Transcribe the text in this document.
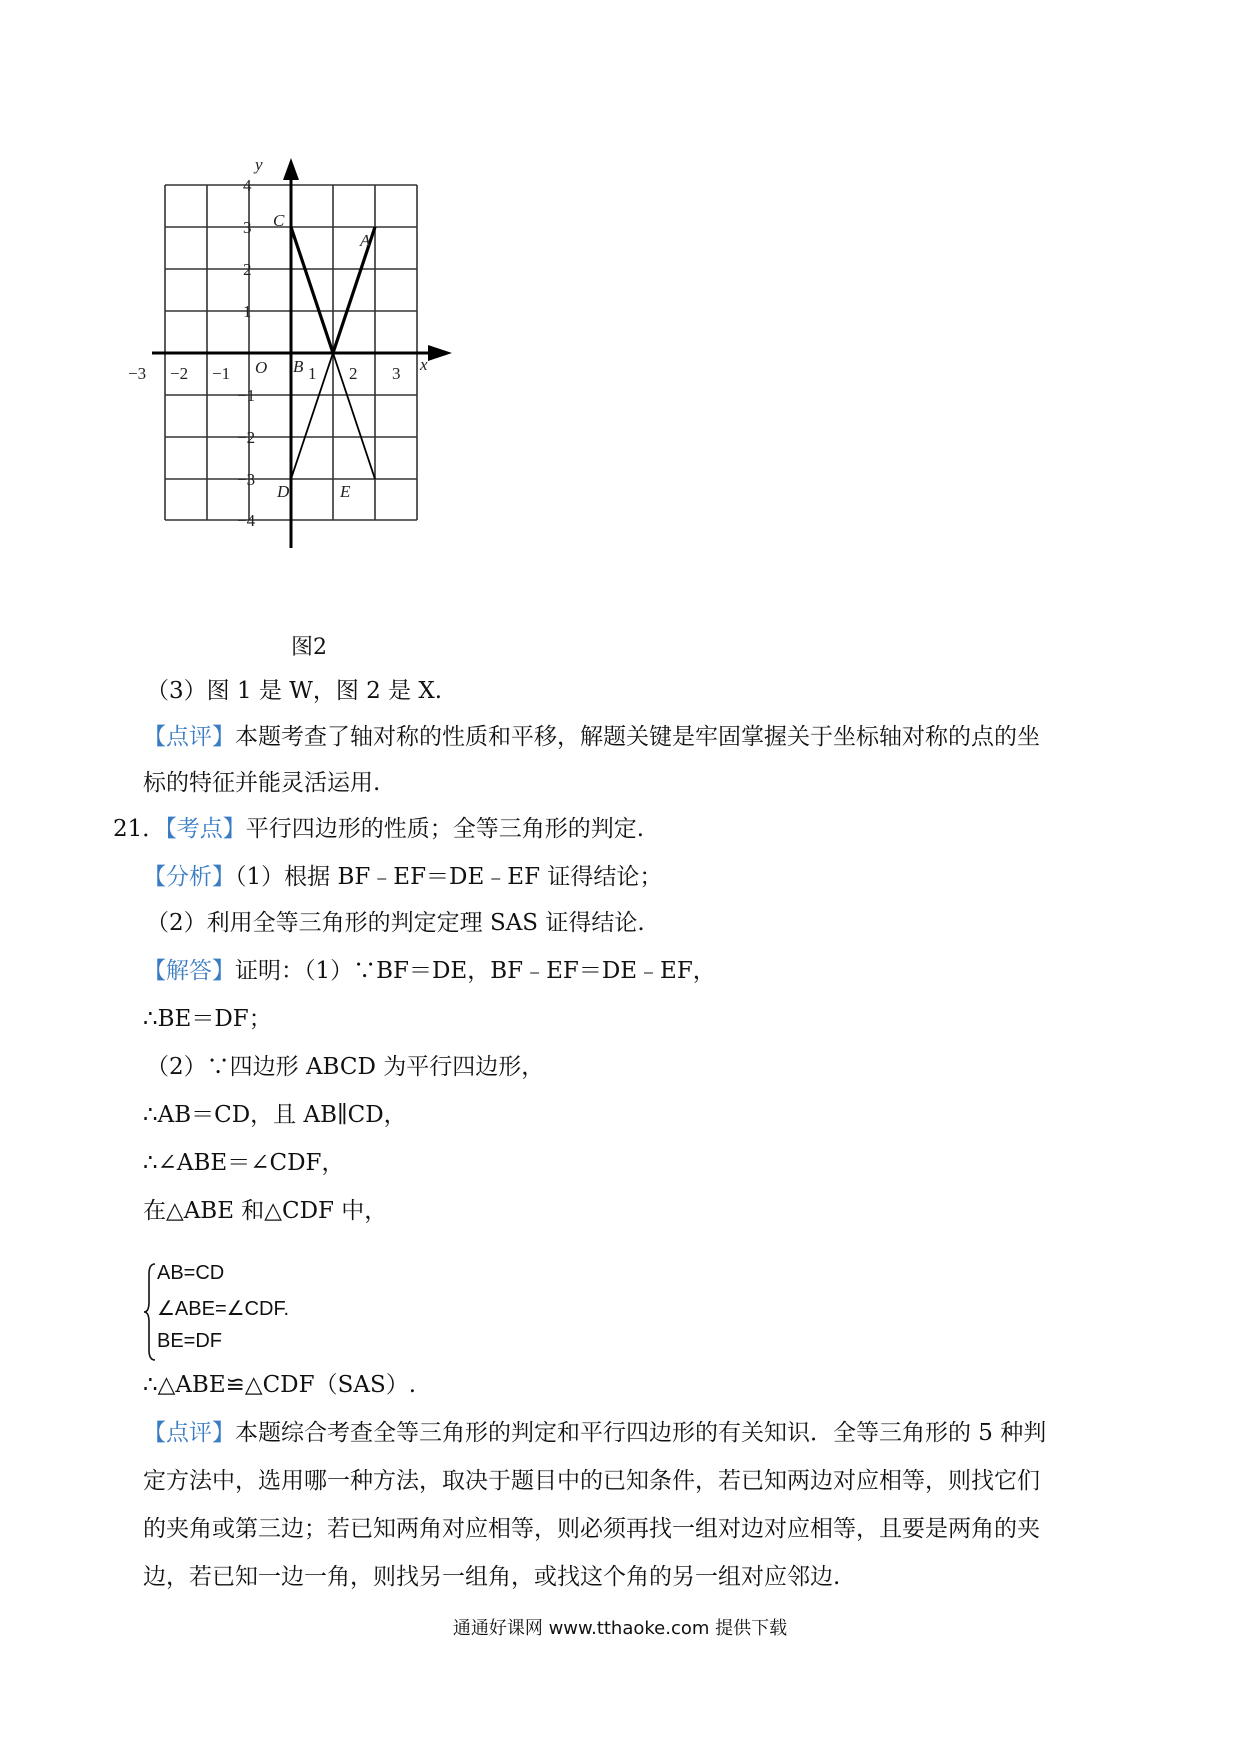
y
x
O
−3 −2 −1	1 2 3
4
3
2
1
−1
−2
−3
−4
C
A
B
D	E
图2
（3）图 1 是 W，图 2 是 X.
【点评】本题考查了轴对称的性质和平移，解题关键是牢固掌握关于坐标轴对称的点的坐
标的特征并能灵活运用.
21．【考点】平行四边形的性质；全等三角形的判定.
【分析】（1）根据 BF﹣EF＝DE﹣EF 证得结论；
（2）利用全等三角形的判定定理 SAS 证得结论.
【解答】证明：（1）∵BF＝DE，BF﹣EF＝DE﹣EF，
∴BE＝DF；
（2）∵四边形 ABCD 为平行四边形，
∴AB＝CD，且 AB∥CD，
∴∠ABE＝∠CDF，
在△ABE 和△CDF 中，
AB=CD
∠ABE=∠CDF.
BE=DF
∴△ABE≌△CDF（SAS）.
【点评】本题综合考查全等三角形的判定和平行四边形的有关知识．全等三角形的 5 种判
定方法中，选用哪一种方法，取决于题目中的已知条件，若已知两边对应相等，则找它们
的夹角或第三边；若已知两角对应相等，则必须再找一组对边对应相等，且要是两角的夹
边，若已知一边一角，则找另一组角，或找这个角的另一组对应邻边.
通通好课网 www.tthaoke.com 提供下载
